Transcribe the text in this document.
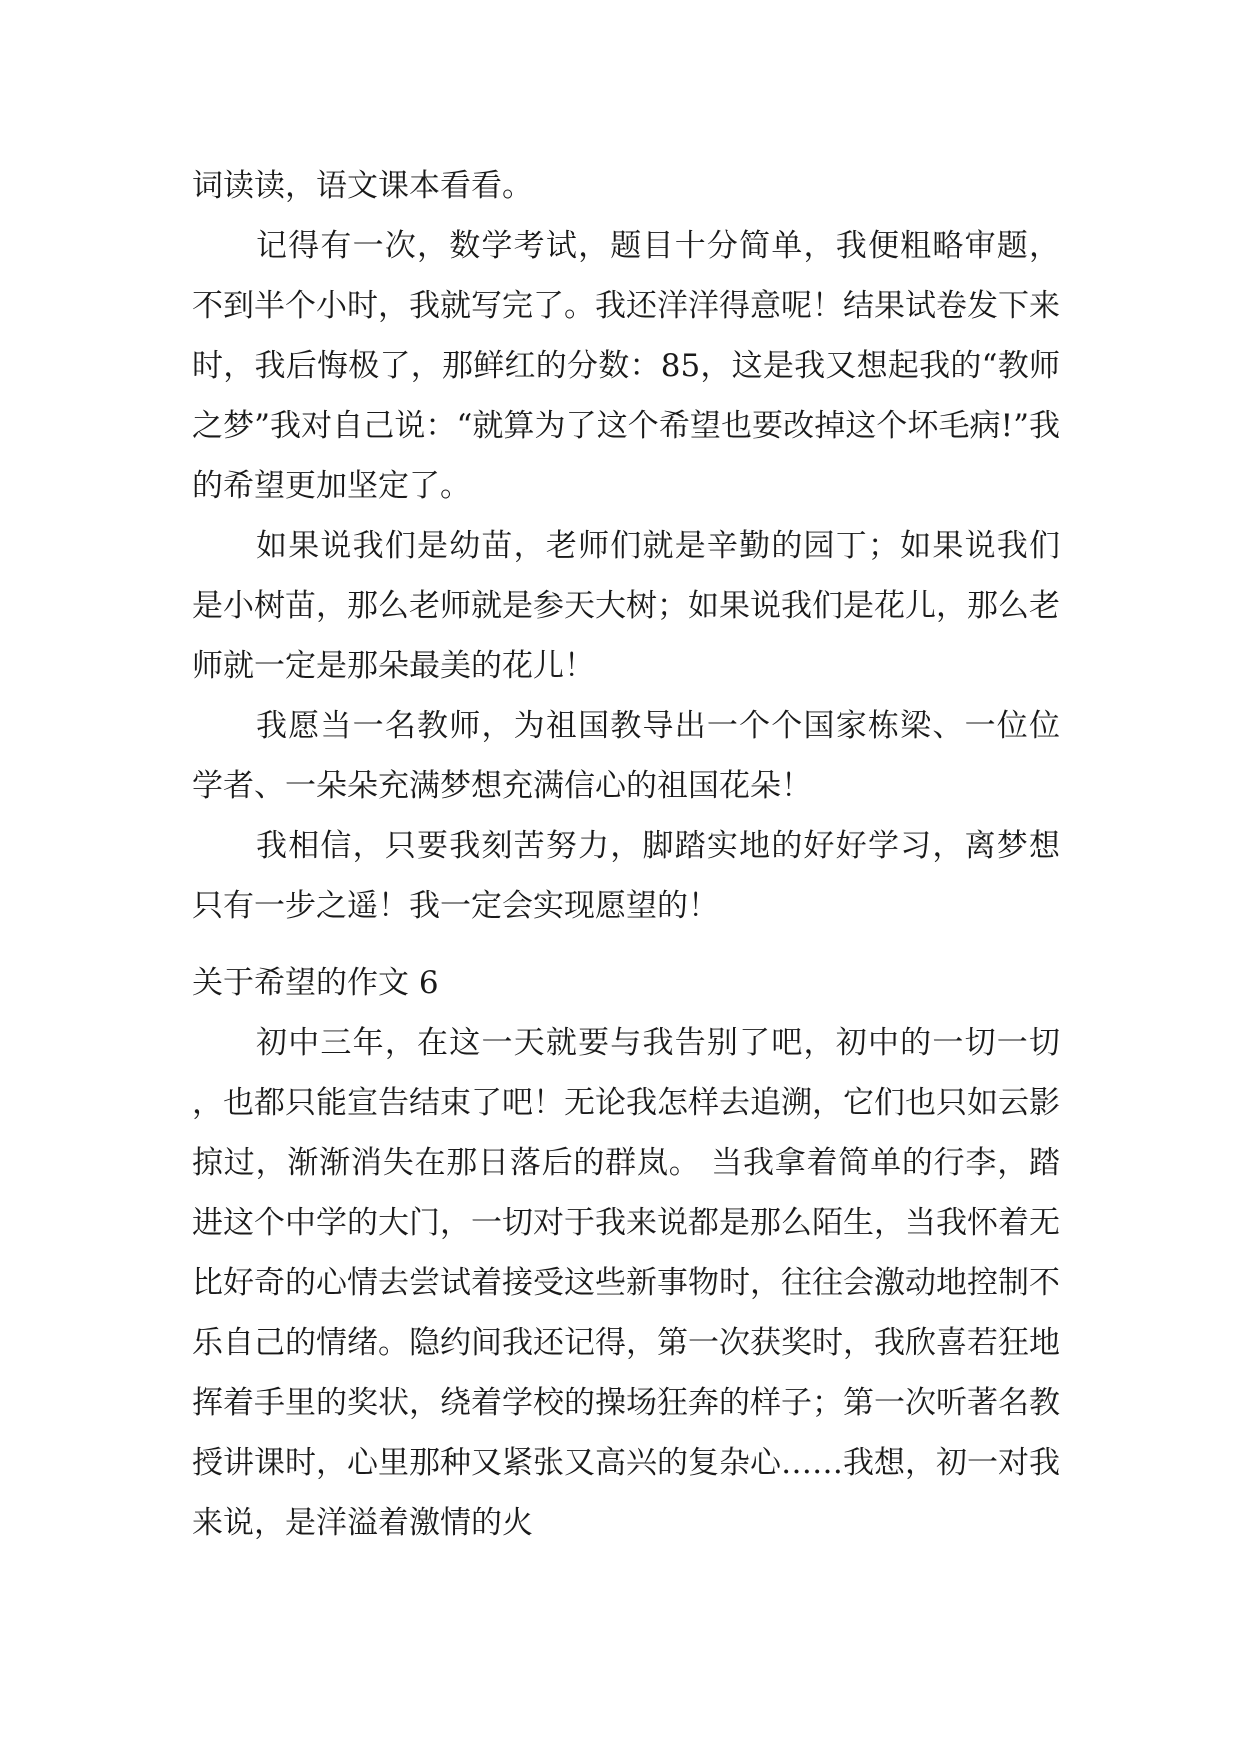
词读读，语文课本看看。

记得有一次，数学考试，题目十分简单，我便粗略审题，不到半个小时，我就写完了。我还洋洋得意呢！结果试卷发下来时，我后悔极了，那鲜红的分数：85，这是我又想起我的“教师之梦”我对自己说：“就算为了这个希望也要改掉这个坏毛病!”我的希望更加坚定了。

如果说我们是幼苗，老师们就是辛勤的园丁；如果说我们是小树苗，那么老师就是参天大树；如果说我们是花儿，那么老师就一定是那朵最美的花儿！

我愿当一名教师，为祖国教导出一个个国家栋梁、一位位学者、一朵朵充满梦想充满信心的祖国花朵！

我相信，只要我刻苦努力，脚踏实地的好好学习，离梦想只有一步之遥！我一定会实现愿望的！

关于希望的作文 6

初中三年，在这一天就要与我告别了吧，初中的一切一切，也都只能宣告结束了吧！无论我怎样去追溯，它们也只如云影掠过，渐渐消失在那日落后的群岚。 当我拿着简单的行李，踏进这个中学的大门，一切对于我来说都是那么陌生，当我怀着无比好奇的心情去尝试着接受这些新事物时，往往会激动地控制不乐自己的情绪。隐约间我还记得，第一次获奖时，我欣喜若狂地挥着手里的奖状，绕着学校的操场狂奔的样子；第一次听著名教授讲课时，心里那种又紧张又高兴的复杂心……我想，初一对我来说，是洋溢着激情的火
